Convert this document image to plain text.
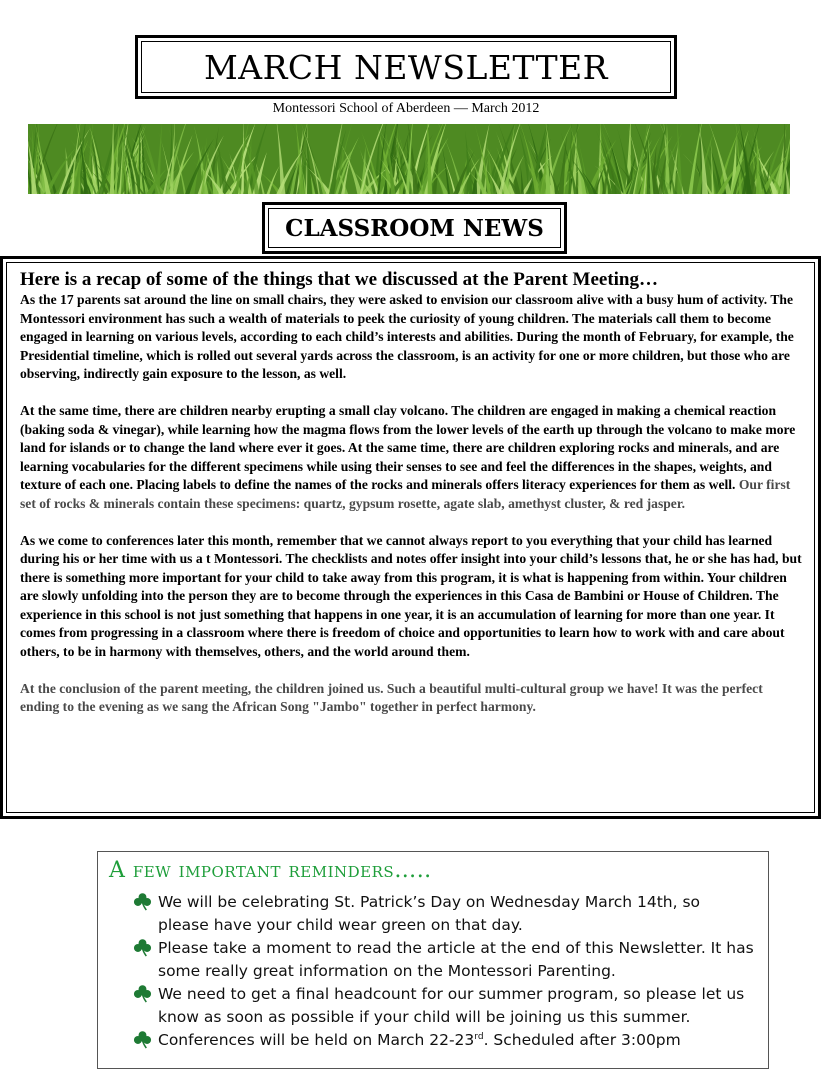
MARCH NEWSLETTER
Montessori School of Aberdeen — March 2012
CLASSROOM NEWS

Here is a recap of some of the things that we discussed at the Parent Meeting…

As the 17 parents sat around the line on small chairs, they were asked to envision our classroom alive with a busy hum of activity. The Montessori environment has such a wealth of materials to peek the curiosity of young children. The materials call them to become engaged in learning on various levels, according to each child’s interests and abilities. During the month of February, for example, the Presidential timeline, which is rolled out several yards across the classroom, is an activity for one or more children, but those who are observing, indirectly gain exposure to the lesson, as well.

At the same time, there are children nearby erupting a small clay volcano. The children are engaged in making a chemical reaction (baking soda & vinegar), while learning how the magma flows from the lower levels of the earth up through the volcano to make more land for islands or to change the land where ever it goes. At the same time, there are children exploring rocks and minerals, and are learning vocabularies for the different specimens while using their senses to see and feel the differences in the shapes, weights, and texture of each one. Placing labels to define the names of the rocks and minerals offers literacy experiences for them as well. Our first set of rocks & minerals contain these specimens: quartz, gypsum rosette, agate slab, amethyst cluster, & red jasper.

As we come to conferences later this month, remember that we cannot always report to you everything that your child has learned during his or her time with us a t Montessori. The checklists and notes offer insight into your child’s lessons that, he or she has had, but there is something more important for your child to take away from this program, it is what is happening from within. Your children are slowly unfolding into the person they are to become through the experiences in this Casa de Bambini or House of Children. The experience in this school is not just something that happens in one year, it is an accumulation of learning for more than one year. It comes from progressing in a classroom where there is freedom of choice and opportunities to learn how to work with and care about others, to be in harmony with themselves, others, and the world around them.

At the conclusion of the parent meeting, the children joined us. Such a beautiful multi-cultural group we have! It was the perfect ending to the evening as we sang the African Song "Jambo" together in perfect harmony.

A few important reminders…..

We will be celebrating St. Patrick’s Day on Wednesday March 14th, so please have your child wear green on that day.
Please take a moment to read the article at the end of this Newsletter. It has some really great information on the Montessori Parenting.
We need to get a final headcount for our summer program, so please let us know as soon as possible if your child will be joining us this summer.
Conferences will be held on March 22-23rd. Scheduled after 3:00pm
